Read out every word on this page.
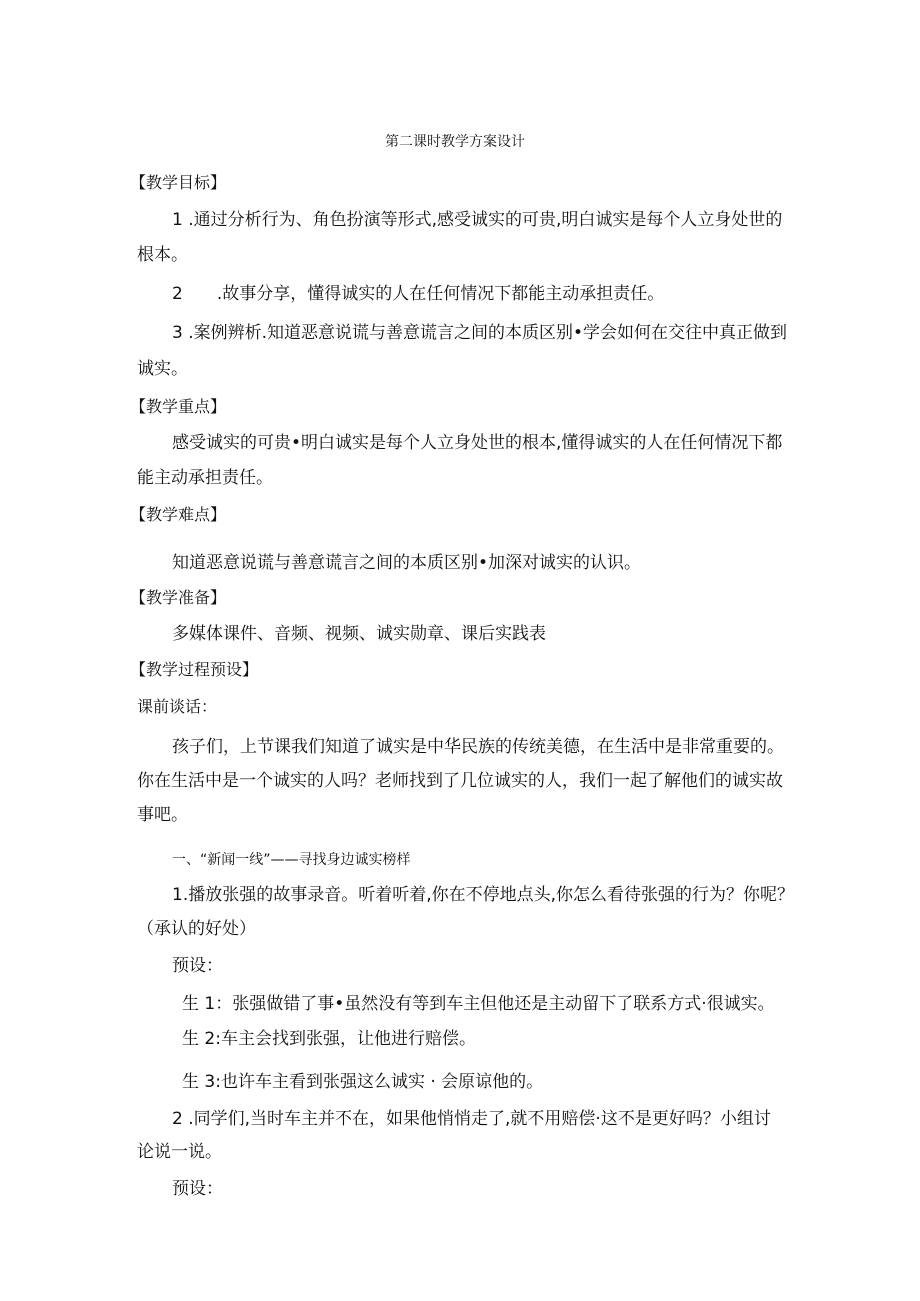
第二课时教学方案设计

【教学目标】

1 .通过分析行为、角色扮演等形式,感受诚实的可贵,明白诚实是每个人立身处世的

根本。

2　　.故事分享，懂得诚实的人在任何情况下都能主动承担责任。

3 .案例辨析.知道恶意说谎与善意谎言之间的本质区别•学会如何在交往中真正做到

诚实。

【教学重点】

感受诚实的可贵•明白诚实是每个人立身处世的根本,懂得诚实的人在任何情况下都

能主动承担责任。

【教学难点】

知道恶意说谎与善意谎言之间的本质区别•加深对诚实的认识。

【教学准备】

多媒体课件、音频、视频、诚实勋章、课后实践表

【教学过程预设】

课前谈话：

孩子们，上节课我们知道了诚实是中华民族的传统美德，在生活中是非常重要的。

你在生活中是一个诚实的人吗？老师找到了几位诚实的人，我们一起了解他们的诚实故

事吧。

一、“新闻一线”——寻找身边诚实榜样

1.播放张强的故事录音。听着听着,你在不停地点头,你怎么看待张强的行为？你呢？

（承认的好处）

预设：

生 1：张强做错了事•虽然没有等到车主但他还是主动留下了联系方式·很诚实。

生 2:车主会找到张强，让他进行赔偿。

生 3:也许车主看到张强这么诚实 · 会原谅他的。

2 .同学们,当时车主并不在，如果他悄悄走了,就不用赔偿·这不是更好吗？小组讨

论说一说。

预设：
